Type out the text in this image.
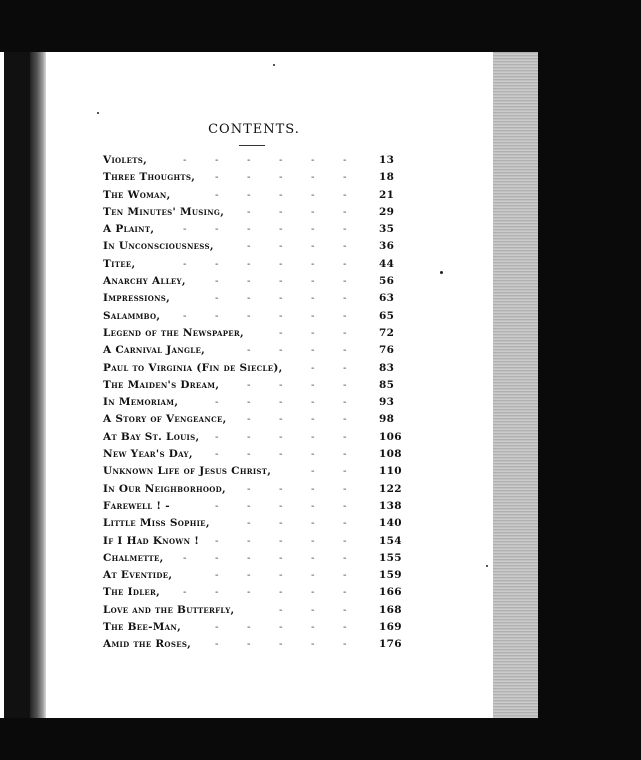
CONTENTS.
Violets,	-	-	-	-	-	-	13
Three Thoughts, -	-	-	-	-	18
The Woman,	-	-	-	-	-	21
Ten Minutes' Musing, -	-	-	-	29
A Plaint,	-	-	-	-	-	-	35
In Unconsciousness,	-	-	-	-	36
Titee,	-	-	-	-	-	-	44
Anarchy Alley,	-	-	-	-	-	56
Impressions,	-	-	-	-	-	63
Salammbo, -	-	-	-	-	-	65
Legend of the Newspaper,	-	-	-	72
A Carnival Jangle,	-	-	-	-	76
Paul to Virginia (Fin de Siecle),	-	-	83
The Maiden's Dream,	-	-	-	-	85
In Memoriam,	-	-	-	-	-	93
A Story of Vengeance, -	-	-	-	98
At Bay St. Louis, -	-	-	-	-	106
New Year's Day, -	-	-	-	-	108
Unknown Life of Jesus Christ,	-	-	110
In Our Neighborhood, -	-	-	-	122
Farewell ! -	-	-	-	-	-	138
Little Miss Sophie,	-	-	-	-	140
If I Had Known ! -	-	-	-	-	154
Chalmette, -	-	-	-	-	-	155
At Eventide,	-	-	-	-	-	159
The Idler, -	-	-	-	-	-	166
Love and the Butterfly,	-	-	-	168
The Bee-Man,	-	-	-	-	-	169
Amid the Roses, -	-	-	-	-	176
